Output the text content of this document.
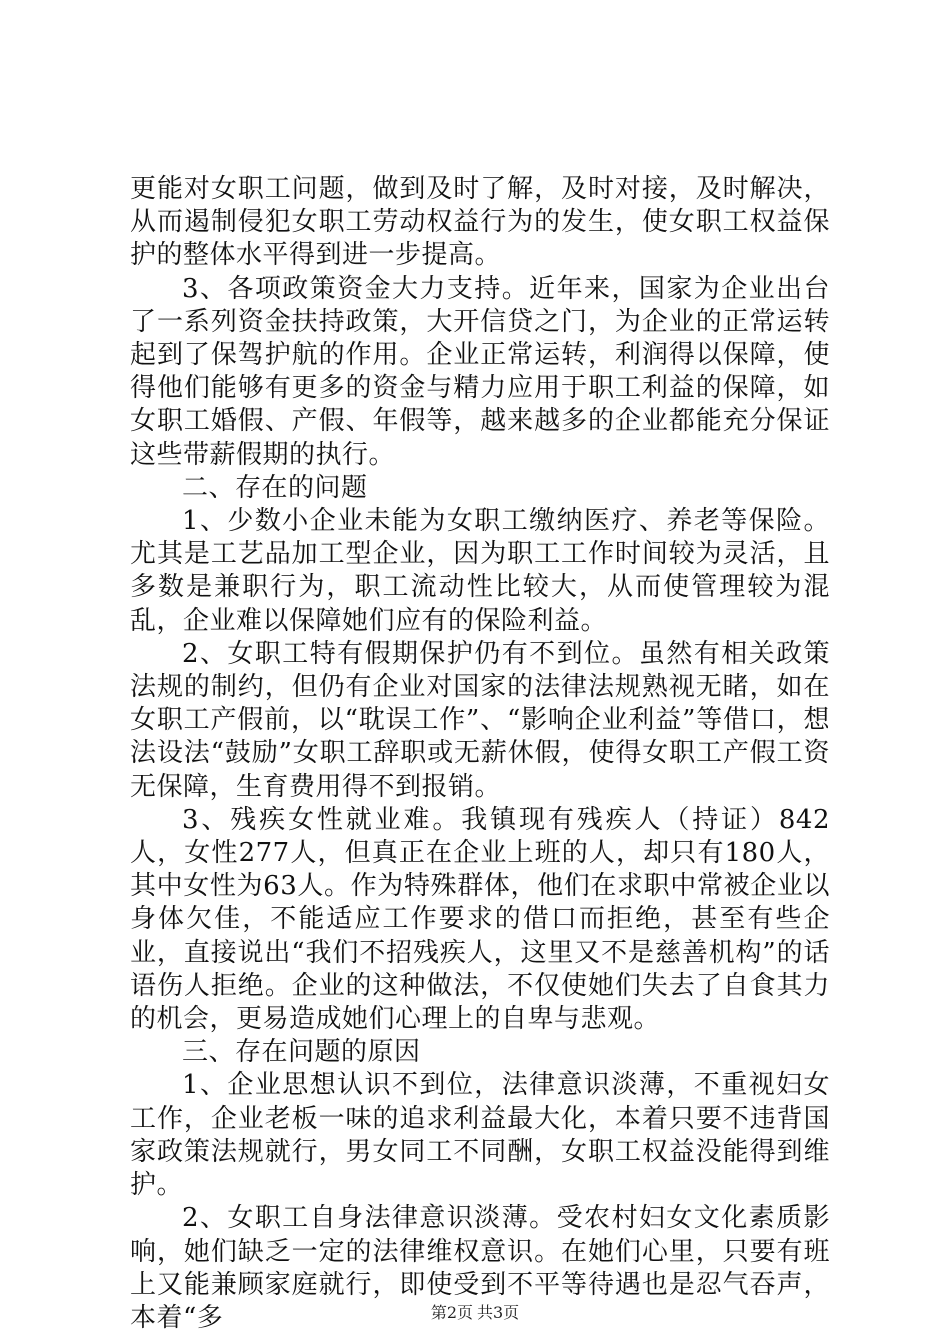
更能对女职工问题，做到及时了解，及时对接，及时解决，从而遏制侵犯女职工劳动权益行为的发生，使女职工权益保护的整体水平得到进一步提高。

3、各项政策资金大力支持。近年来，国家为企业出台了一系列资金扶持政策，大开信贷之门，为企业的正常运转起到了保驾护航的作用。企业正常运转，利润得以保障，使得他们能够有更多的资金与精力应用于职工利益的保障，如女职工婚假、产假、年假等，越来越多的企业都能充分保证这些带薪假期的执行。

二、存在的问题

1、少数小企业未能为女职工缴纳医疗、养老等保险。尤其是工艺品加工型企业，因为职工工作时间较为灵活，且多数是兼职行为，职工流动性比较大，从而使管理较为混乱，企业难以保障她们应有的保险利益。

2、女职工特有假期保护仍有不到位。虽然有相关政策法规的制约，但仍有企业对国家的法律法规熟视无睹，如在女职工产假前，以“耽误工作”、“影响企业利益”等借口，想法设法“鼓励”女职工辞职或无薪休假，使得女职工产假工资无保障，生育费用得不到报销。

3、残疾女性就业难。我镇现有残疾人（持证）842人，女性277人，但真正在企业上班的人，却只有180人，其中女性为63人。作为特殊群体，他们在求职中常被企业以身体欠佳，不能适应工作要求的借口而拒绝，甚至有些企业，直接说出“我们不招残疾人，这里又不是慈善机构”的话语伤人拒绝。企业的这种做法，不仅使她们失去了自食其力的机会，更易造成她们心理上的自卑与悲观。

三、存在问题的原因

1、企业思想认识不到位，法律意识淡薄，不重视妇女工作，企业老板一味的追求利益最大化，本着只要不违背国家政策法规就行，男女同工不同酬，女职工权益没能得到维护。

2、女职工自身法律意识淡薄。受农村妇女文化素质影响，她们缺乏一定的法律维权意识。在她们心里，只要有班上又能兼顾家庭就行，即使受到不平等待遇也是忍气吞声，本着“多	第2页 共3页
